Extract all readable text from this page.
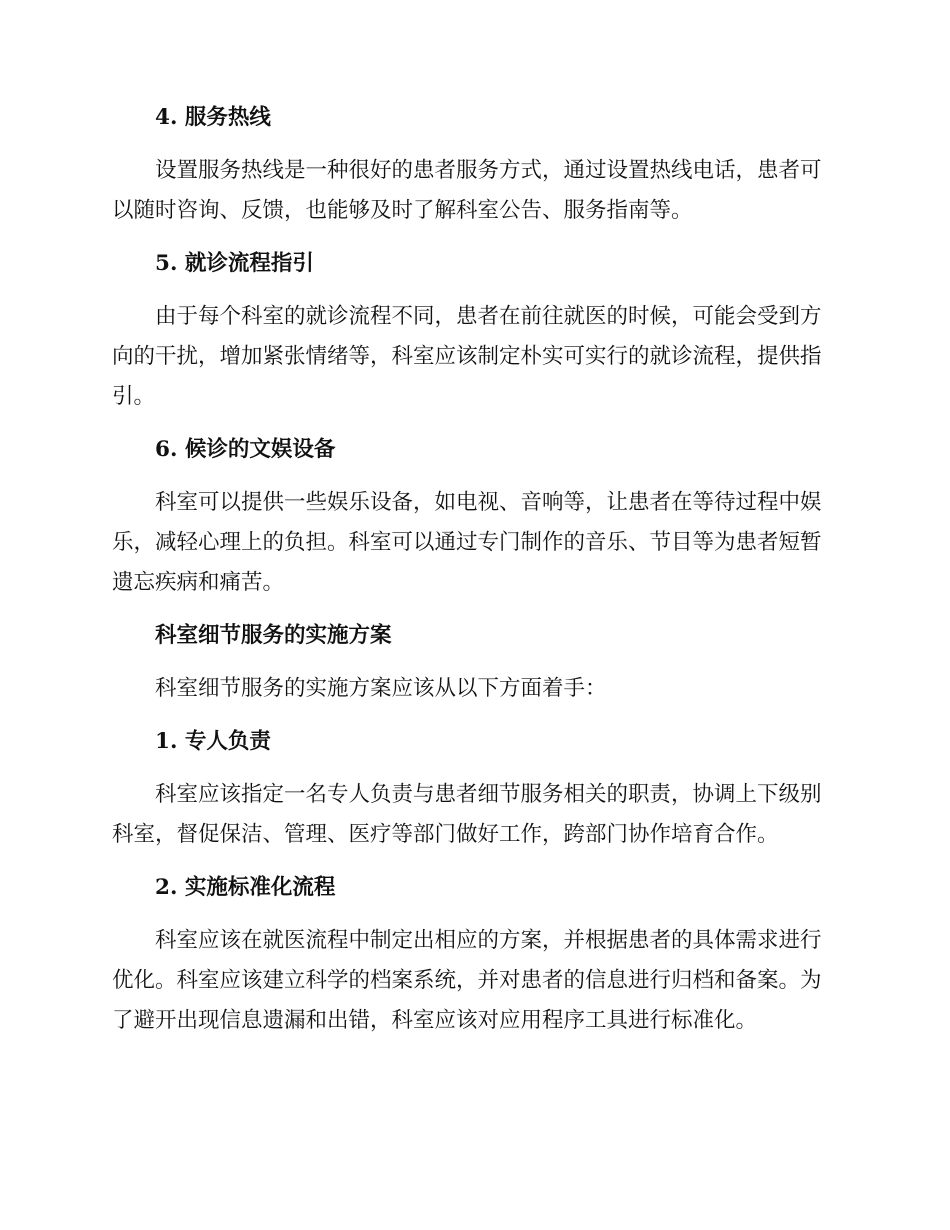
4. 服务热线
设置服务热线是一种很好的患者服务方式，通过设置热线电话，患者可
以随时咨询、反馈，也能够及时了解科室公告、服务指南等。
5. 就诊流程指引
由于每个科室的就诊流程不同，患者在前往就医的时候，可能会受到方
向的干扰，增加紧张情绪等，科室应该制定朴实可实行的就诊流程，提供指
引。
6. 候诊的文娱设备
科室可以提供一些娱乐设备，如电视、音响等，让患者在等待过程中娱
乐，减轻心理上的负担。科室可以通过专门制作的音乐、节目等为患者短暂
遗忘疾病和痛苦。
科室细节服务的实施方案
科室细节服务的实施方案应该从以下方面着手：
1. 专人负责
科室应该指定一名专人负责与患者细节服务相关的职责，协调上下级别
科室，督促保洁、管理、医疗等部门做好工作，跨部门协作培育合作。
2. 实施标准化流程
科室应该在就医流程中制定出相应的方案，并根据患者的具体需求进行
优化。科室应该建立科学的档案系统，并对患者的信息进行归档和备案。为
了避开出现信息遗漏和出错，科室应该对应用程序工具进行标准化。
